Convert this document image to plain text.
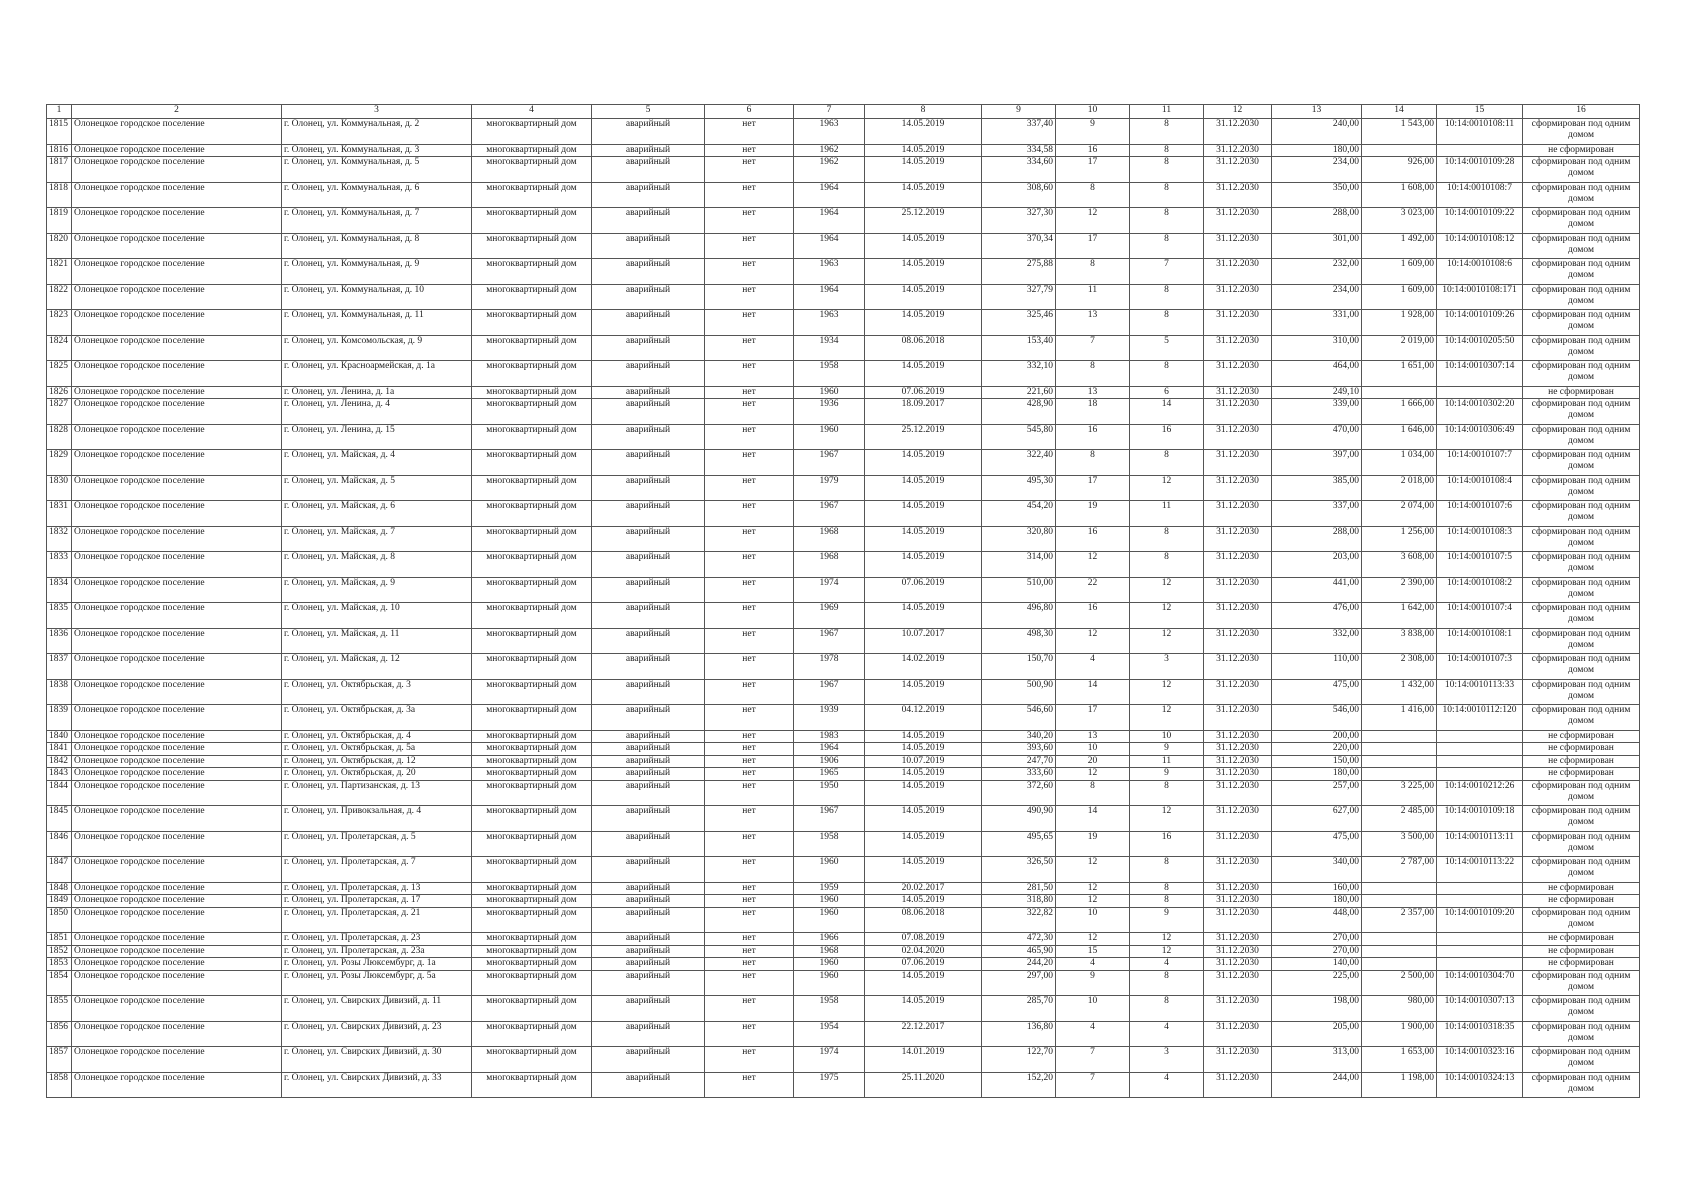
1	2	3	4	5	6	7	8	9	10	11	12	13	14	15	16
1815	Олонецкое городское поселение	г. Олонец, ул. Коммунальная, д. 2	многоквартирный дом	аварийный	нет	1963	14.05.2019	337,40	9	8	31.12.2030	240,00	1 543,00	10:14:0010108:11	сформирован под одним домом
1816	Олонецкое городское поселение	г. Олонец, ул. Коммунальная, д. 3	многоквартирный дом	аварийный	нет	1962	14.05.2019	334,58	16	8	31.12.2030	180,00			не сформирован
1817	Олонецкое городское поселение	г. Олонец, ул. Коммунальная, д. 5	многоквартирный дом	аварийный	нет	1962	14.05.2019	334,60	17	8	31.12.2030	234,00	926,00	10:14:0010109:28	сформирован под одним домом
1818	Олонецкое городское поселение	г. Олонец, ул. Коммунальная, д. 6	многоквартирный дом	аварийный	нет	1964	14.05.2019	308,60	8	8	31.12.2030	350,00	1 608,00	10:14:0010108:7	сформирован под одним домом
1819	Олонецкое городское поселение	г. Олонец, ул. Коммунальная, д. 7	многоквартирный дом	аварийный	нет	1964	25.12.2019	327,30	12	8	31.12.2030	288,00	3 023,00	10:14:0010109:22	сформирован под одним домом
1820	Олонецкое городское поселение	г. Олонец, ул. Коммунальная, д. 8	многоквартирный дом	аварийный	нет	1964	14.05.2019	370,34	17	8	31.12.2030	301,00	1 492,00	10:14:0010108:12	сформирован под одним домом
1821	Олонецкое городское поселение	г. Олонец, ул. Коммунальная, д. 9	многоквартирный дом	аварийный	нет	1963	14.05.2019	275,88	8	7	31.12.2030	232,00	1 609,00	10:14:0010108:6	сформирован под одним домом
1822	Олонецкое городское поселение	г. Олонец, ул. Коммунальная, д. 10	многоквартирный дом	аварийный	нет	1964	14.05.2019	327,79	11	8	31.12.2030	234,00	1 609,00	10:14:0010108:171	сформирован под одним домом
1823	Олонецкое городское поселение	г. Олонец, ул. Коммунальная, д. 11	многоквартирный дом	аварийный	нет	1963	14.05.2019	325,46	13	8	31.12.2030	331,00	1 928,00	10:14:0010109:26	сформирован под одним домом
1824	Олонецкое городское поселение	г. Олонец, ул. Комсомольская, д. 9	многоквартирный дом	аварийный	нет	1934	08.06.2018	153,40	7	5	31.12.2030	310,00	2 019,00	10:14:0010205:50	сформирован под одним домом
1825	Олонецкое городское поселение	г. Олонец, ул. Красноармейская, д. 1а	многоквартирный дом	аварийный	нет	1958	14.05.2019	332,10	8	8	31.12.2030	464,00	1 651,00	10:14:0010307:14	сформирован под одним домом
1826	Олонецкое городское поселение	г. Олонец, ул. Ленина, д. 1а	многоквартирный дом	аварийный	нет	1960	07.06.2019	221,60	13	6	31.12.2030	249,10			не сформирован
1827	Олонецкое городское поселение	г. Олонец, ул. Ленина, д. 4	многоквартирный дом	аварийный	нет	1936	18.09.2017	428,90	18	14	31.12.2030	339,00	1 666,00	10:14:0010302:20	сформирован под одним домом
1828	Олонецкое городское поселение	г. Олонец, ул. Ленина, д. 15	многоквартирный дом	аварийный	нет	1960	25.12.2019	545,80	16	16	31.12.2030	470,00	1 646,00	10:14:0010306:49	сформирован под одним домом
1829	Олонецкое городское поселение	г. Олонец, ул. Майская, д. 4	многоквартирный дом	аварийный	нет	1967	14.05.2019	322,40	8	8	31.12.2030	397,00	1 034,00	10:14:0010107:7	сформирован под одним домом
1830	Олонецкое городское поселение	г. Олонец, ул. Майская, д. 5	многоквартирный дом	аварийный	нет	1979	14.05.2019	495,30	17	12	31.12.2030	385,00	2 018,00	10:14:0010108:4	сформирован под одним домом
1831	Олонецкое городское поселение	г. Олонец, ул. Майская, д. 6	многоквартирный дом	аварийный	нет	1967	14.05.2019	454,20	19	11	31.12.2030	337,00	2 074,00	10:14:0010107:6	сформирован под одним домом
1832	Олонецкое городское поселение	г. Олонец, ул. Майская, д. 7	многоквартирный дом	аварийный	нет	1968	14.05.2019	320,80	16	8	31.12.2030	288,00	1 256,00	10:14:0010108:3	сформирован под одним домом
1833	Олонецкое городское поселение	г. Олонец, ул. Майская, д. 8	многоквартирный дом	аварийный	нет	1968	14.05.2019	314,00	12	8	31.12.2030	203,00	3 608,00	10:14:0010107:5	сформирован под одним домом
1834	Олонецкое городское поселение	г. Олонец, ул. Майская, д. 9	многоквартирный дом	аварийный	нет	1974	07.06.2019	510,00	22	12	31.12.2030	441,00	2 390,00	10:14:0010108:2	сформирован под одним домом
1835	Олонецкое городское поселение	г. Олонец, ул. Майская, д. 10	многоквартирный дом	аварийный	нет	1969	14.05.2019	496,80	16	12	31.12.2030	476,00	1 642,00	10:14:0010107:4	сформирован под одним домом
1836	Олонецкое городское поселение	г. Олонец, ул. Майская, д. 11	многоквартирный дом	аварийный	нет	1967	10.07.2017	498,30	12	12	31.12.2030	332,00	3 838,00	10:14:0010108:1	сформирован под одним домом
1837	Олонецкое городское поселение	г. Олонец, ул. Майская, д. 12	многоквартирный дом	аварийный	нет	1978	14.02.2019	150,70	4	3	31.12.2030	110,00	2 308,00	10:14:0010107:3	сформирован под одним домом
1838	Олонецкое городское поселение	г. Олонец, ул. Октябрьская, д. 3	многоквартирный дом	аварийный	нет	1967	14.05.2019	500,90	14	12	31.12.2030	475,00	1 432,00	10:14:0010113:33	сформирован под одним домом
1839	Олонецкое городское поселение	г. Олонец, ул. Октябрьская, д. 3а	многоквартирный дом	аварийный	нет	1939	04.12.2019	546,60	17	12	31.12.2030	546,00	1 416,00	10:14:0010112:120	сформирован под одним домом
1840	Олонецкое городское поселение	г. Олонец, ул. Октябрьская, д. 4	многоквартирный дом	аварийный	нет	1983	14.05.2019	340,20	13	10	31.12.2030	200,00			не сформирован
1841	Олонецкое городское поселение	г. Олонец, ул. Октябрьская, д. 5а	многоквартирный дом	аварийный	нет	1964	14.05.2019	393,60	10	9	31.12.2030	220,00			не сформирован
1842	Олонецкое городское поселение	г. Олонец, ул. Октябрьская, д. 12	многоквартирный дом	аварийный	нет	1906	10.07.2019	247,70	20	11	31.12.2030	150,00			не сформирован
1843	Олонецкое городское поселение	г. Олонец, ул. Октябрьская, д. 20	многоквартирный дом	аварийный	нет	1965	14.05.2019	333,60	12	9	31.12.2030	180,00			не сформирован
1844	Олонецкое городское поселение	г. Олонец, ул. Партизанская, д. 13	многоквартирный дом	аварийный	нет	1950	14.05.2019	372,60	8	8	31.12.2030	257,00	3 225,00	10:14:0010212:26	сформирован под одним домом
1845	Олонецкое городское поселение	г. Олонец, ул. Привокзальная, д. 4	многоквартирный дом	аварийный	нет	1967	14.05.2019	490,90	14	12	31.12.2030	627,00	2 485,00	10:14:0010109:18	сформирован под одним домом
1846	Олонецкое городское поселение	г. Олонец, ул. Пролетарская, д. 5	многоквартирный дом	аварийный	нет	1958	14.05.2019	495,65	19	16	31.12.2030	475,00	3 500,00	10:14:0010113:11	сформирован под одним домом
1847	Олонецкое городское поселение	г. Олонец, ул. Пролетарская, д. 7	многоквартирный дом	аварийный	нет	1960	14.05.2019	326,50	12	8	31.12.2030	340,00	2 787,00	10:14:0010113:22	сформирован под одним домом
1848	Олонецкое городское поселение	г. Олонец, ул. Пролетарская, д. 13	многоквартирный дом	аварийный	нет	1959	20.02.2017	281,50	12	8	31.12.2030	160,00			не сформирован
1849	Олонецкое городское поселение	г. Олонец, ул. Пролетарская, д. 17	многоквартирный дом	аварийный	нет	1960	14.05.2019	318,80	12	8	31.12.2030	180,00			не сформирован
1850	Олонецкое городское поселение	г. Олонец, ул. Пролетарская, д. 21	многоквартирный дом	аварийный	нет	1960	08.06.2018	322,82	10	9	31.12.2030	448,00	2 357,00	10:14:0010109:20	сформирован под одним домом
1851	Олонецкое городское поселение	г. Олонец, ул. Пролетарская, д. 23	многоквартирный дом	аварийный	нет	1966	07.08.2019	472,30	12	12	31.12.2030	270,00			не сформирован
1852	Олонецкое городское поселение	г. Олонец, ул. Пролетарская, д. 23а	многоквартирный дом	аварийный	нет	1968	02.04.2020	465,90	15	12	31.12.2030	270,00			не сформирован
1853	Олонецкое городское поселение	г. Олонец, ул. Розы Люксембург, д. 1а	многоквартирный дом	аварийный	нет	1960	07.06.2019	244,20	4	4	31.12.2030	140,00			не сформирован
1854	Олонецкое городское поселение	г. Олонец, ул. Розы Люксембург, д. 5а	многоквартирный дом	аварийный	нет	1960	14.05.2019	297,00	9	8	31.12.2030	225,00	2 500,00	10:14:0010304:70	сформирован под одним домом
1855	Олонецкое городское поселение	г. Олонец, ул. Свирских Дивизий, д. 11	многоквартирный дом	аварийный	нет	1958	14.05.2019	285,70	10	8	31.12.2030	198,00	980,00	10:14:0010307:13	сформирован под одним домом
1856	Олонецкое городское поселение	г. Олонец, ул. Свирских Дивизий, д. 23	многоквартирный дом	аварийный	нет	1954	22.12.2017	136,80	4	4	31.12.2030	205,00	1 900,00	10:14:0010318:35	сформирован под одним домом
1857	Олонецкое городское поселение	г. Олонец, ул. Свирских Дивизий, д. 30	многоквартирный дом	аварийный	нет	1974	14.01.2019	122,70	7	3	31.12.2030	313,00	1 653,00	10:14:0010323:16	сформирован под одним домом
1858	Олонецкое городское поселение	г. Олонец, ул. Свирских Дивизий, д. 33	многоквартирный дом	аварийный	нет	1975	25.11.2020	152,20	7	4	31.12.2030	244,00	1 198,00	10:14:0010324:13	сформирован под одним домом
